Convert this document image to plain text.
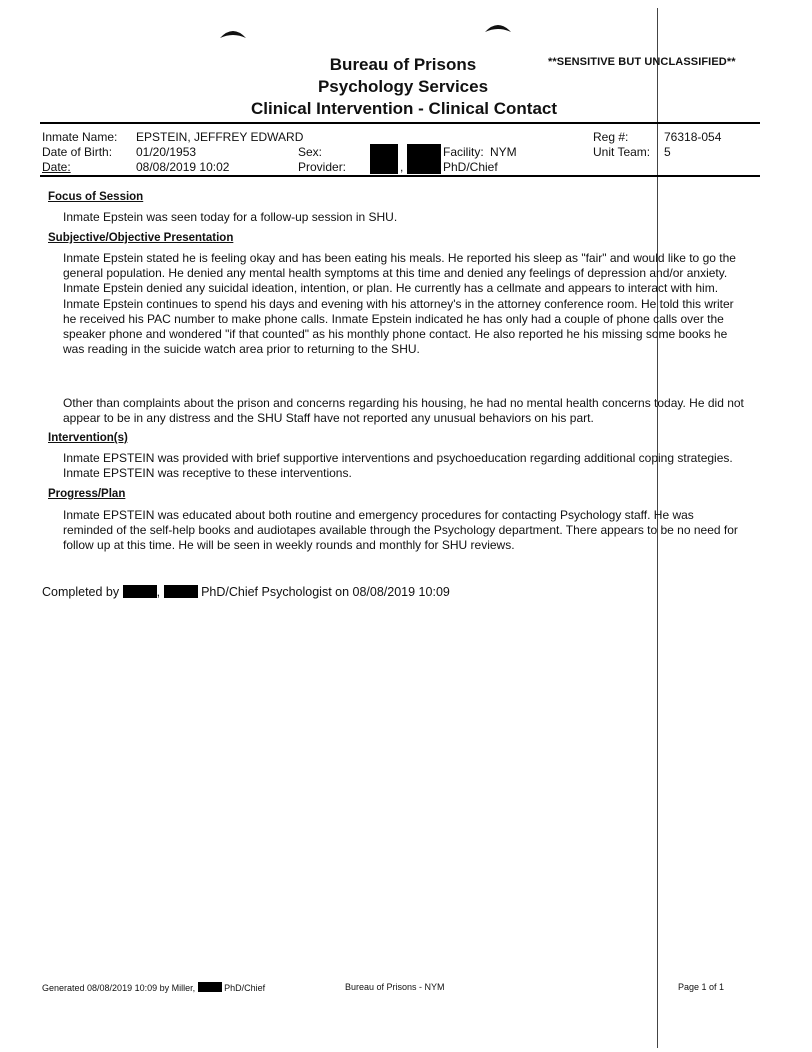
Bureau of Prisons
Psychology Services
Clinical Intervention - Clinical Contact
**SENSITIVE BUT UNCLASSIFIED**
Inmate Name: EPSTEIN, JEFFREY EDWARD
Date of Birth: 01/20/1953
Date:	08/08/2019 10:02
Sex:
Provider:	,	PhD/Chief
Facility: NYM
Reg #:	76318-054
Unit Team: 5
Focus of Session
Inmate Epstein was seen today for a follow-up session in SHU.
Subjective/Objective Presentation
Inmate Epstein stated he is feeling okay and has been eating his meals. He reported his sleep as "fair" and would like to go the general population. He denied any mental health symptoms at this time and denied any feelings of depression and/or anxiety. Inmate Epstein denied any suicidal ideation, intention, or plan. He currently has a cellmate and appears to interact with him. Inmate Epstein continues to spend his days and evening with his attorney's in the attorney conference room. He told this writer he received his PAC number to make phone calls. Inmate Epstein indicated he has only had a couple of phone calls over the speaker phone and wondered "if that counted" as his monthly phone contact. He also reported he his missing some books he was reading in the suicide watch area prior to returning to the SHU.
Other than complaints about the prison and concerns regarding his housing, he had no mental health concerns today. He did not appear to be in any distress and the SHU Staff have not reported any unusual behaviors on his part.
Intervention(s)
Inmate EPSTEIN was provided with brief supportive interventions and psychoeducation regarding additional coping strategies. Inmate EPSTEIN was receptive to these interventions.
Progress/Plan
Inmate EPSTEIN was educated about both routine and emergency procedures for contacting Psychology staff. He was reminded of the self-help books and audiotapes available through the Psychology department. There appears to be no need for follow up at this time. He will be seen in weekly rounds and monthly for SHU reviews.
Completed by	,	PhD/Chief Psychologist on 08/08/2019 10:09
Generated 08/08/2019 10:09 by Miller,	PhD/Chief	Bureau of Prisons - NYM	Page 1 of 1
